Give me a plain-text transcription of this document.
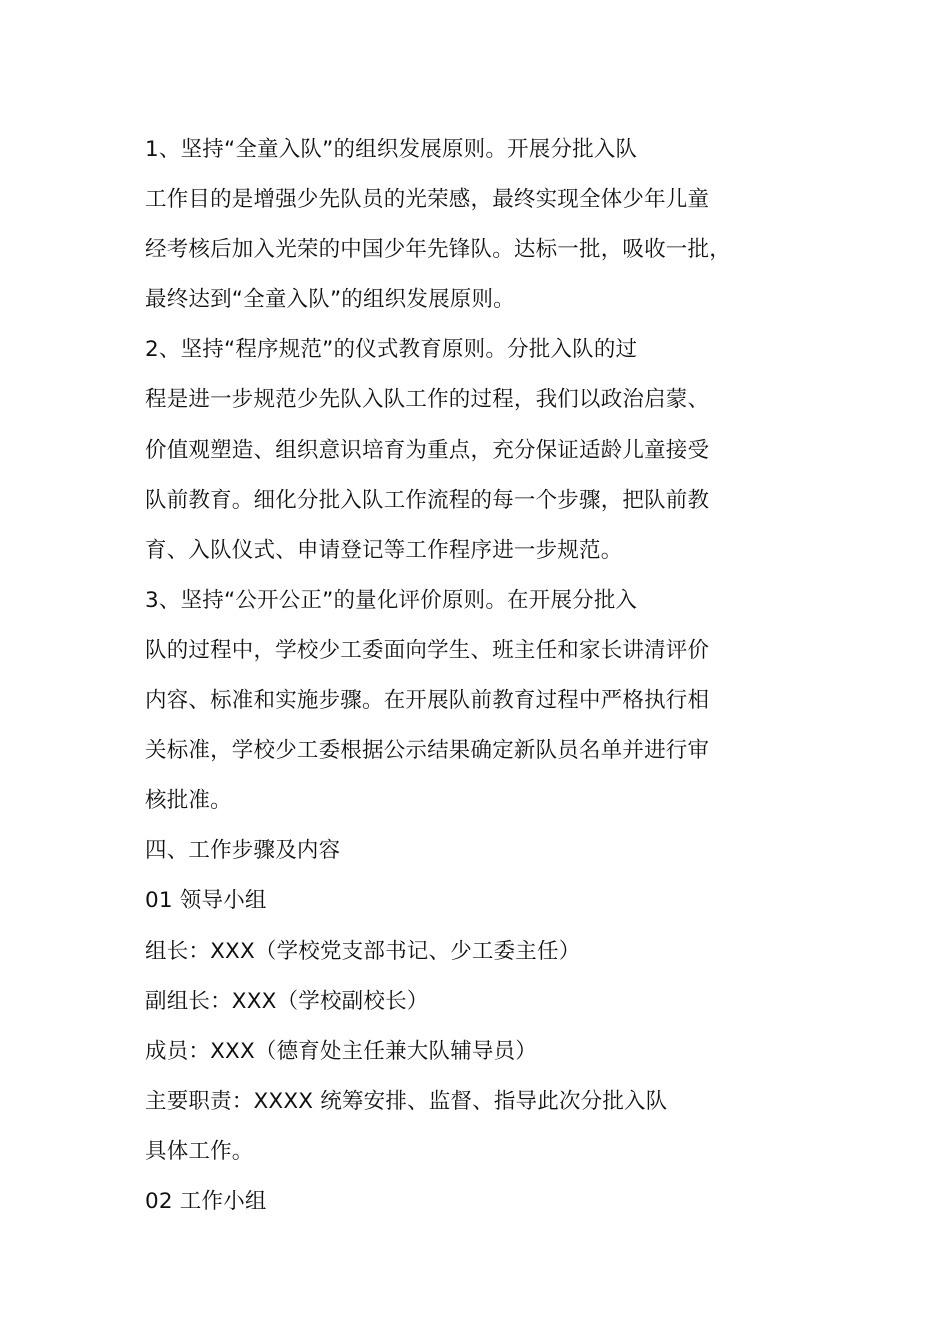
1、坚持“全童入队”的组织发展原则。开展分批入队
工作目的是增强少先队员的光荣感，最终实现全体少年儿童
经考核后加入光荣的中国少年先锋队。达标一批，吸收一批，
最终达到“全童入队”的组织发展原则。
2、坚持“程序规范”的仪式教育原则。分批入队的过
程是进一步规范少先队入队工作的过程，我们以政治启蒙、
价值观塑造、组织意识培育为重点，充分保证适龄儿童接受
队前教育。细化分批入队工作流程的每一个步骤，把队前教
育、入队仪式、申请登记等工作程序进一步规范。
3、坚持“公开公正”的量化评价原则。在开展分批入
队的过程中，学校少工委面向学生、班主任和家长讲清评价
内容、标准和实施步骤。在开展队前教育过程中严格执行相
关标准，学校少工委根据公示结果确定新队员名单并进行审
核批准。
四、工作步骤及内容
01 领导小组
组长：XXX（学校党支部书记、少工委主任）
副组长：XXX（学校副校长）
成员：XXX（德育处主任兼大队辅导员）
主要职责：XXXX 统筹安排、监督、指导此次分批入队
具体工作。
02 工作小组
